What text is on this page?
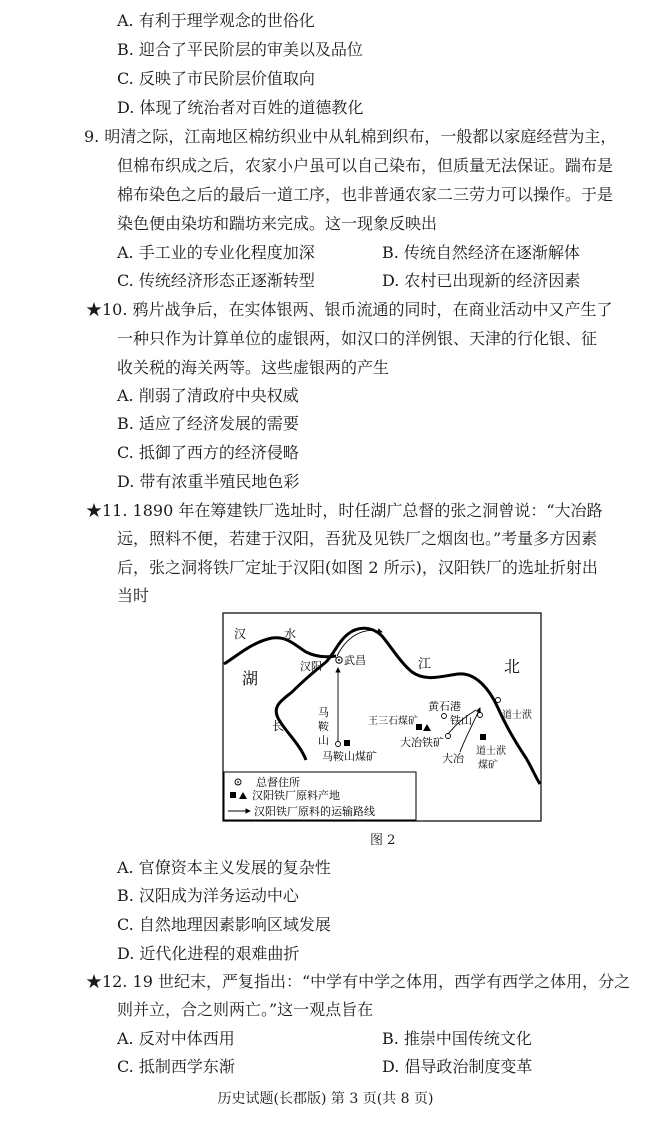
A. 有利于理学观念的世俗化
B. 迎合了平民阶层的审美以及品位
C. 反映了市民阶层价值取向
D. 体现了统治者对百姓的道德教化
9. 明清之际，江南地区棉纺织业中从轧棉到织布，一般都以家庭经营为主，
但棉布织成之后，农家小户虽可以自己染布，但质量无法保证。踹布是
棉布染色之后的最后一道工序，也非普通农家二三劳力可以操作。于是
染色便由染坊和踹坊来完成。这一现象反映出
A. 手工业的专业化程度加深	B. 传统自然经济在逐渐解体
C. 传统经济形态正逐渐转型	D. 农村已出现新的经济因素
★10. 鸦片战争后，在实体银两、银币流通的同时，在商业活动中又产生了
一种只作为计算单位的虚银两，如汉口的洋例银、天津的行化银、征
收关税的海关两等。这些虚银两的产生
A. 削弱了清政府中央权威
B. 适应了经济发展的需要
C. 抵御了西方的经济侵略
D. 带有浓重半殖民地色彩
★11. 1890 年在筹建铁厂选址时，时任湖广总督的张之洞曾说：“大冶路
远，照料不便，若建于汉阳，吾犹及见铁厂之烟囱也。”考量多方因素
后，张之洞将铁厂定址于汉阳(如图 2 所示)，汉阳铁厂的选址折射出
当时
汉	水
湖
江	北
长
汉阳 武昌
黄石港
铁山
王三石煤矿
大冶铁矿
道士洑
马
鞍
山
马鞍山煤矿	道士洑
煤矿
大冶
总督住所
汉阳铁厂原料产地
汉阳铁厂原料的运输路线
图 2
A. 官僚资本主义发展的复杂性
B. 汉阳成为洋务运动中心
C. 自然地理因素影响区域发展
D. 近代化进程的艰难曲折
★12. 19 世纪末，严复指出：“中学有中学之体用，西学有西学之体用，分之
则并立，合之则两亡。”这一观点旨在
A. 反对中体西用	B. 推崇中国传统文化
C. 抵制西学东渐	D. 倡导政治制度变革
历史试题(长郡版) 第 3 页(共 8 页)
